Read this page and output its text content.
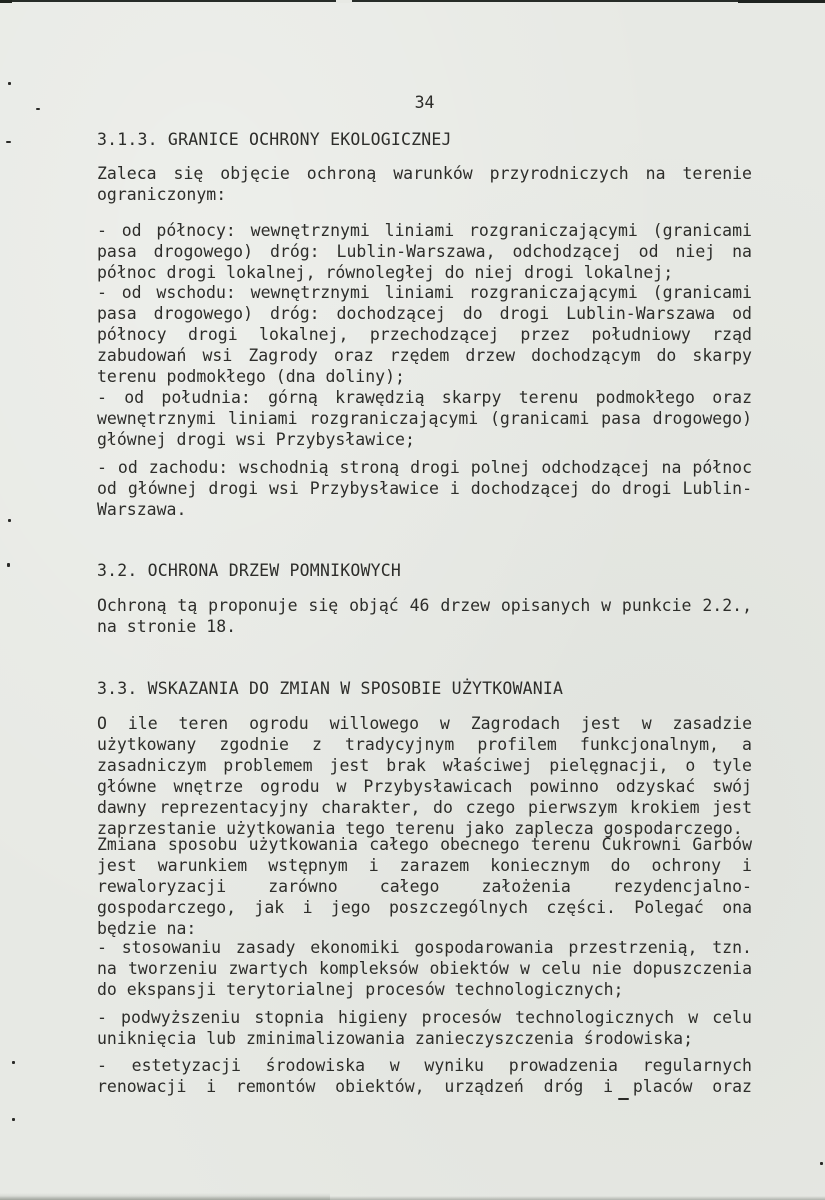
34
3.1.3. GRANICE OCHRONY EKOLOGICZNEJ
Zaleca się objęcie ochroną warunków przyrodniczych na terenie
ograniczonym:
- od północy: wewnętrznymi liniami rozgraniczającymi (granicami
pasa drogowego) dróg: Lublin-Warszawa, odchodzącej od niej na
północ drogi lokalnej, równoległej do niej drogi lokalnej;
- od wschodu: wewnętrznymi liniami rozgraniczającymi (granicami
pasa drogowego) dróg: dochodzącej do drogi Lublin-Warszawa od
północy drogi lokalnej, przechodzącej przez południowy rząd
zabudowań wsi Zagrody oraz rzędem drzew dochodzącym do skarpy
terenu podmokłego (dna doliny);
- od południa: górną krawędzią skarpy terenu podmokłego oraz
wewnętrznymi liniami rozgraniczającymi (granicami pasa drogowego)
głównej drogi wsi Przybysławice;
- od zachodu: wschodnią stroną drogi polnej odchodzącej na północ
od głównej drogi wsi Przybysławice i dochodzącej do drogi Lublin-
Warszawa.
3.2. OCHRONA DRZEW POMNIKOWYCH
Ochroną tą proponuje się objąć 46 drzew opisanych w punkcie 2.2.,
na stronie 18.
3.3. WSKAZANIA DO ZMIAN W SPOSOBIE UŻYTKOWANIA
O ile teren ogrodu willowego w Zagrodach jest w zasadzie
użytkowany zgodnie z tradycyjnym profilem funkcjonalnym, a
zasadniczym problemem jest brak właściwej pielęgnacji, o tyle
główne wnętrze ogrodu w Przybysławicach powinno odzyskać swój
dawny reprezentacyjny charakter, do czego pierwszym krokiem jest
zaprzestanie użytkowania tego terenu jako zaplecza gospodarczego.
Zmiana sposobu użytkowania całego obecnego terenu Cukrowni Garbów
jest warunkiem wstępnym i zarazem koniecznym do ochrony i
rewaloryzacji zarówno całego założenia rezydencjalno-
gospodarczego, jak i jego poszczególnych części. Polegać ona
będzie na:
- stosowaniu zasady ekonomiki gospodarowania przestrzenią, tzn.
na tworzeniu zwartych kompleksów obiektów w celu nie dopuszczenia
do ekspansji terytorialnej procesów technologicznych;
- podwyższeniu stopnia higieny procesów technologicznych w celu
uniknięcia lub zminimalizowania zanieczyszczenia środowiska;
- estetyzacji środowiska w wyniku prowadzenia regularnych
renowacji i remontów obiektów, urządzeń dróg i placów oraz
